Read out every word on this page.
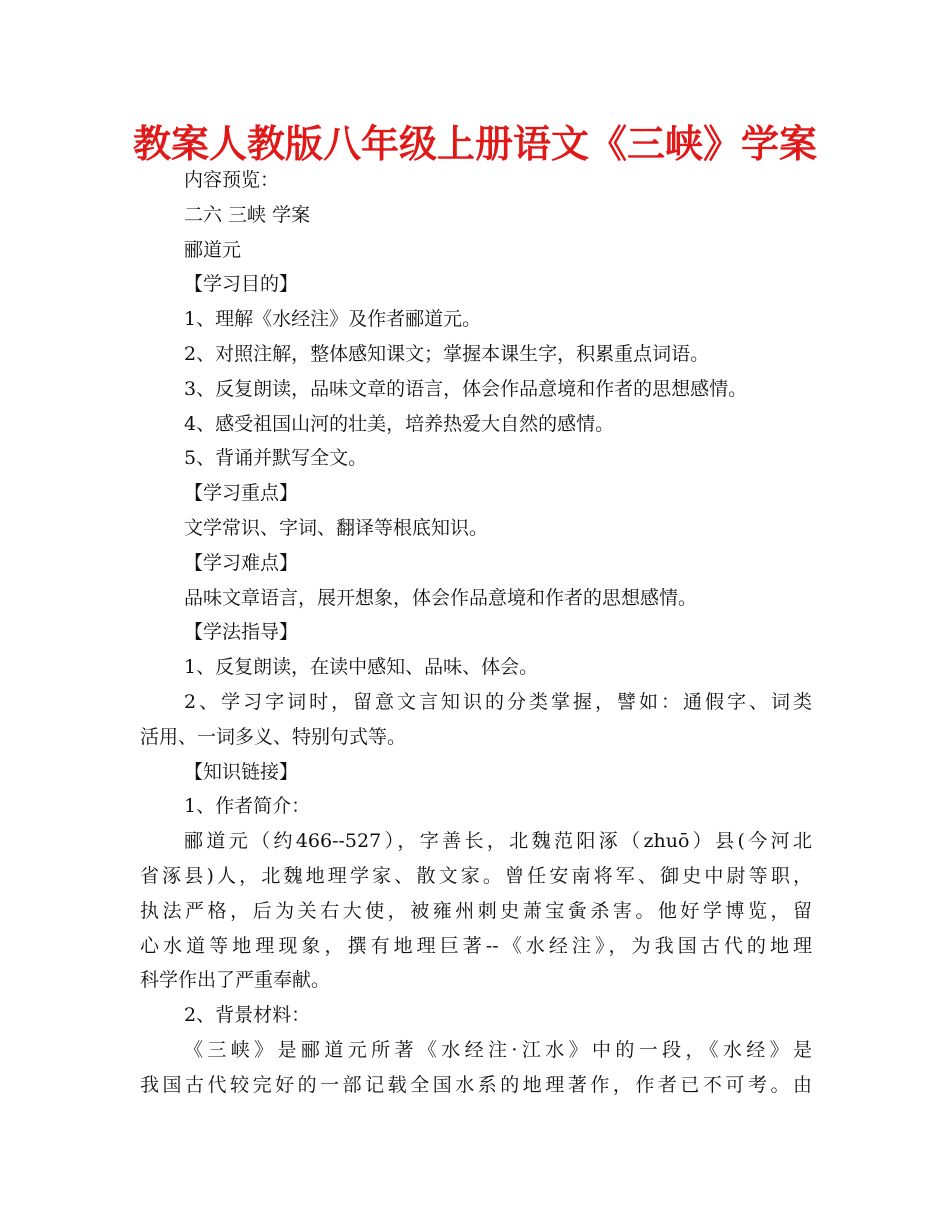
教案人教版八年级上册语文《三峡》学案
内容预览：
二六 三峡 学案
郦道元
【学习目的】
1、理解《水经注》及作者郦道元。
2、对照注解，整体感知课文；掌握本课生字，积累重点词语。
3、反复朗读，品味文章的语言，体会作品意境和作者的思想感情。
4、感受祖国山河的壮美，培养热爱大自然的感情。
5、背诵并默写全文。
【学习重点】
文学常识、字词、翻译等根底知识。
【学习难点】
品味文章语言，展开想象，体会作品意境和作者的思想感情。
【学法指导】
1、反复朗读，在读中感知、品味、体会。
2、学习字词时，留意文言知识的分类掌握，譬如：通假字、词类
活用、一词多义、特别句式等。
【知识链接】
1、作者简介：
郦道元（约466--527），字善长，北魏范阳涿（zhuō）县(今河北
省涿县)人，北魏地理学家、散文家。曾任安南将军、御史中尉等职，
执法严格，后为关右大使，被雍州刺史萧宝夤杀害。他好学博览，留
心水道等地理现象，撰有地理巨著--《水经注》，为我国古代的地理
科学作出了严重奉献。
2、背景材料：
《三峡》是郦道元所著《水经注·江水》中的一段，《水经》是
我国古代较完好的一部记载全国水系的地理著作，作者已不可考。由
